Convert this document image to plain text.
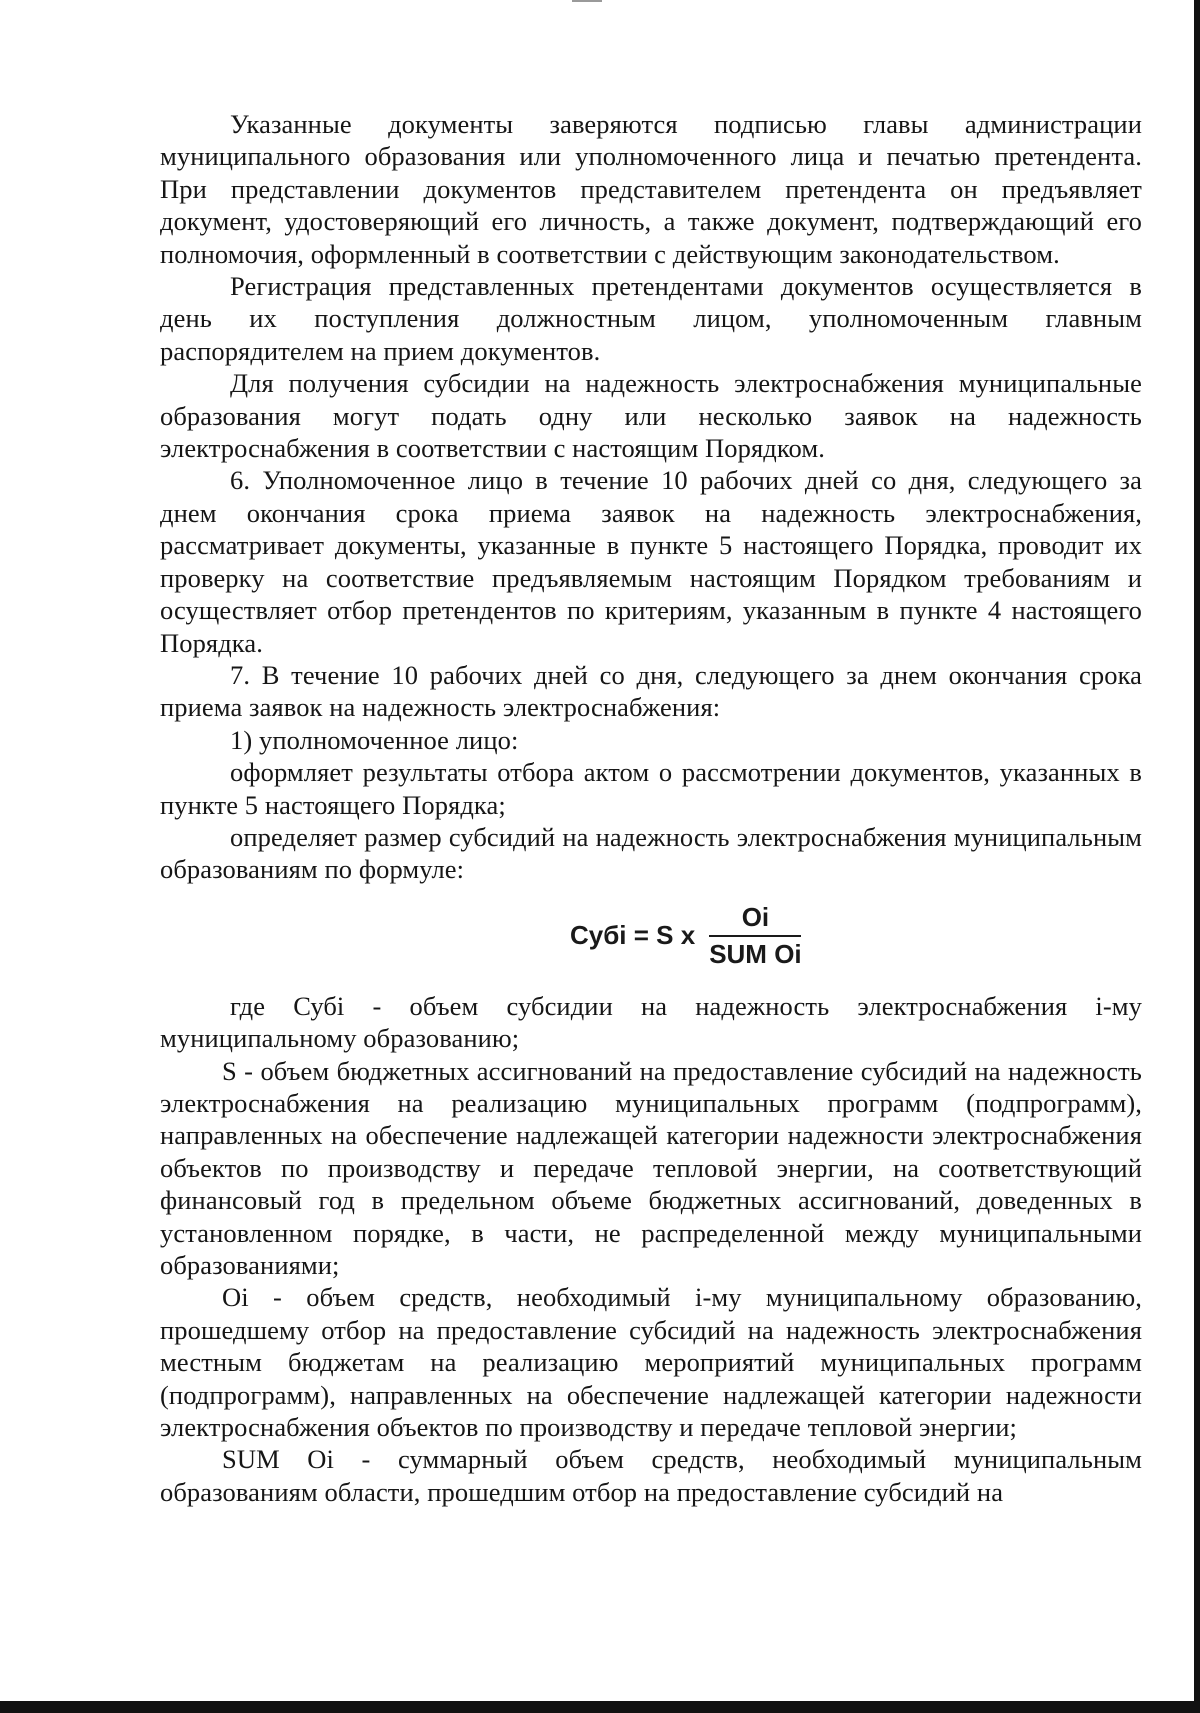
Указанные документы заверяются подписью главы администрации муниципального образования или уполномоченного лица и печатью претендента. При представлении документов представителем претендента он предъявляет документ, удостоверяющий его личность, а также документ, подтверждающий его полномочия, оформленный в соответствии с действующим законодательством.

Регистрация представленных претендентами документов осуществляется в день их поступления должностным лицом, уполномоченным главным распорядителем на прием документов.

Для получения субсидии на надежность электроснабжения муниципальные образования могут подать одну или несколько заявок на надежность электроснабжения в соответствии с настоящим Порядком.

6. Уполномоченное лицо в течение 10 рабочих дней со дня, следующего за днем окончания срока приема заявок на надежность электроснабжения, рассматривает документы, указанные в пункте 5 настоящего Порядка, проводит их проверку на соответствие предъявляемым настоящим Порядком требованиям и осуществляет отбор претендентов по критериям, указанным в пункте 4 настоящего Порядка.

7. В течение 10 рабочих дней со дня, следующего за днем окончания срока приема заявок на надежность электроснабжения:

1) уполномоченное лицо:

оформляет результаты отбора актом о рассмотрении документов, указанных в пункте 5 настоящего Порядка;

определяет размер субсидий на надежность электроснабжения муниципальным образованиям по формуле:

Субi = S x $\frac{Oi}{\text{SUM Oi}}$

где Субi - объем субсидии на надежность электроснабжения i-му муниципальному образованию;

S - объем бюджетных ассигнований на предоставление субсидий на надежность электроснабжения на реализацию муниципальных программ (подпрограмм), направленных на обеспечение надлежащей категории надежности электроснабжения объектов по производству и передаче тепловой энергии, на соответствующий финансовый год в предельном объеме бюджетных ассигнований, доведенных в установленном порядке, в части, не распределенной между муниципальными образованиями;

Oi - объем средств, необходимый i-му муниципальному образованию, прошедшему отбор на предоставление субсидий на надежность электроснабжения местным бюджетам на реализацию мероприятий муниципальных программ (подпрограмм), направленных на обеспечение надлежащей категории надежности электроснабжения объектов по производству и передаче тепловой энергии;

SUM Oi - суммарный объем средств, необходимый муниципальным образованиям области, прошедшим отбор на предоставление субсидий на
